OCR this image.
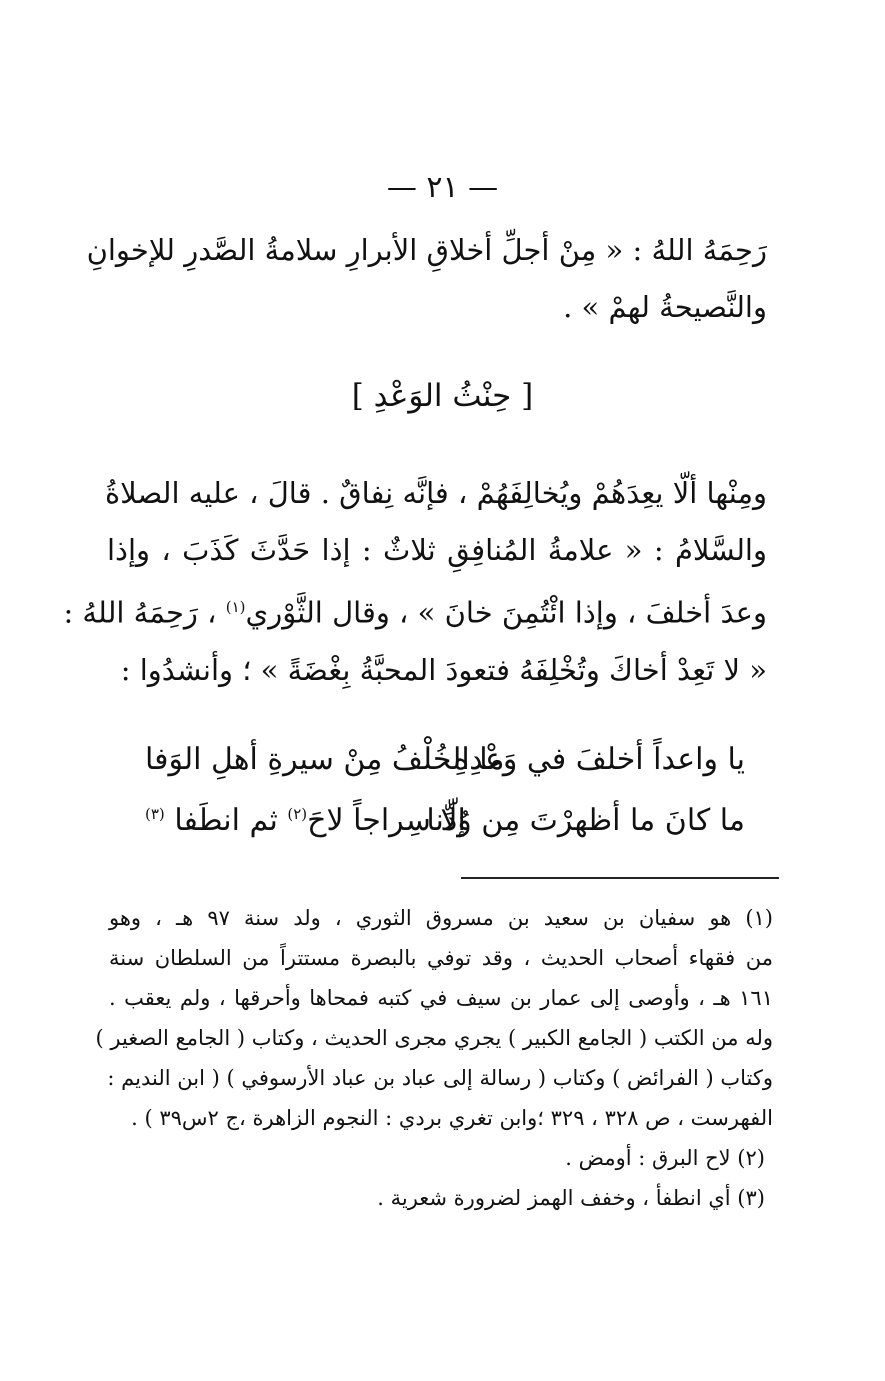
— ٢١ —
رَحِمَهُ اللهُ : « مِنْ أجلِّ أخلاقِ الأبرارِ سلامةُ الصَّدرِ للإخوانِ
والنَّصيحةُ لهمْ » .
[ حِنْثُ الوَعْدِ ]
ومِنْها ألّا يعِدَهُمْ ويُخالِفَهُمْ ، فإنَّه نِفاقٌ . قالَ ، عليه الصلاةُ
والسَّلامُ : « علامةُ المُنافِقِ ثلاثٌ : إذا حَدَّثَ كَذَبَ ، وإذا
وعدَ أخلفَ ، وإذا ائْتُمِنَ خانَ » ، وقال الثَّوْري$^{(١)}$ ، رَحِمَهُ اللهُ :
« لا تَعِدْ أخاكَ وتُخْلِفَهُ فتعودَ المحبَّةُ بِغْضَةً » ؛ وأنشدُوا :
يا واعداً أخلفَ في وَعْدِهِ
ما الخُلْفُ مِنْ سيرةِ أهلِ الوَفا
ما كانَ ما أظهرْتَ مِن وُدِّنا
إلّا سِراجاً لاحَ$^{(٢)}$ ثم انطَفا $^{(٣)}$
(١) هو سفيان بن سعيد بن مسروق الثوري ، ولد سنة ٩٧ هـ ، وهو
من فقهاء أصحاب الحديث ، وقد توفي بالبصرة مستتراً من السلطان سنة
١٦١ هـ ، وأوصى إلى عمار بن سيف في كتبه فمحاها وأحرقها ، ولم يعقب .
وله من الكتب ( الجامع الكبير ) يجري مجرى الحديث ، وكتاب ( الجامع الصغير )
وكتاب ( الفرائض ) وكتاب ( رسالة إلى عباد بن عباد الأرسوفي ) ( ابن النديم :
الفهرست ، ص ٣٢٨ ، ٣٢٩ ؛وابن تغري بردي : النجوم الزاهرة ،ج ٢س٣٩ ) .
(٢) لاح البرق : أومض .
(٣) أي انطفأ ، وخفف الهمز لضرورة شعرية .
